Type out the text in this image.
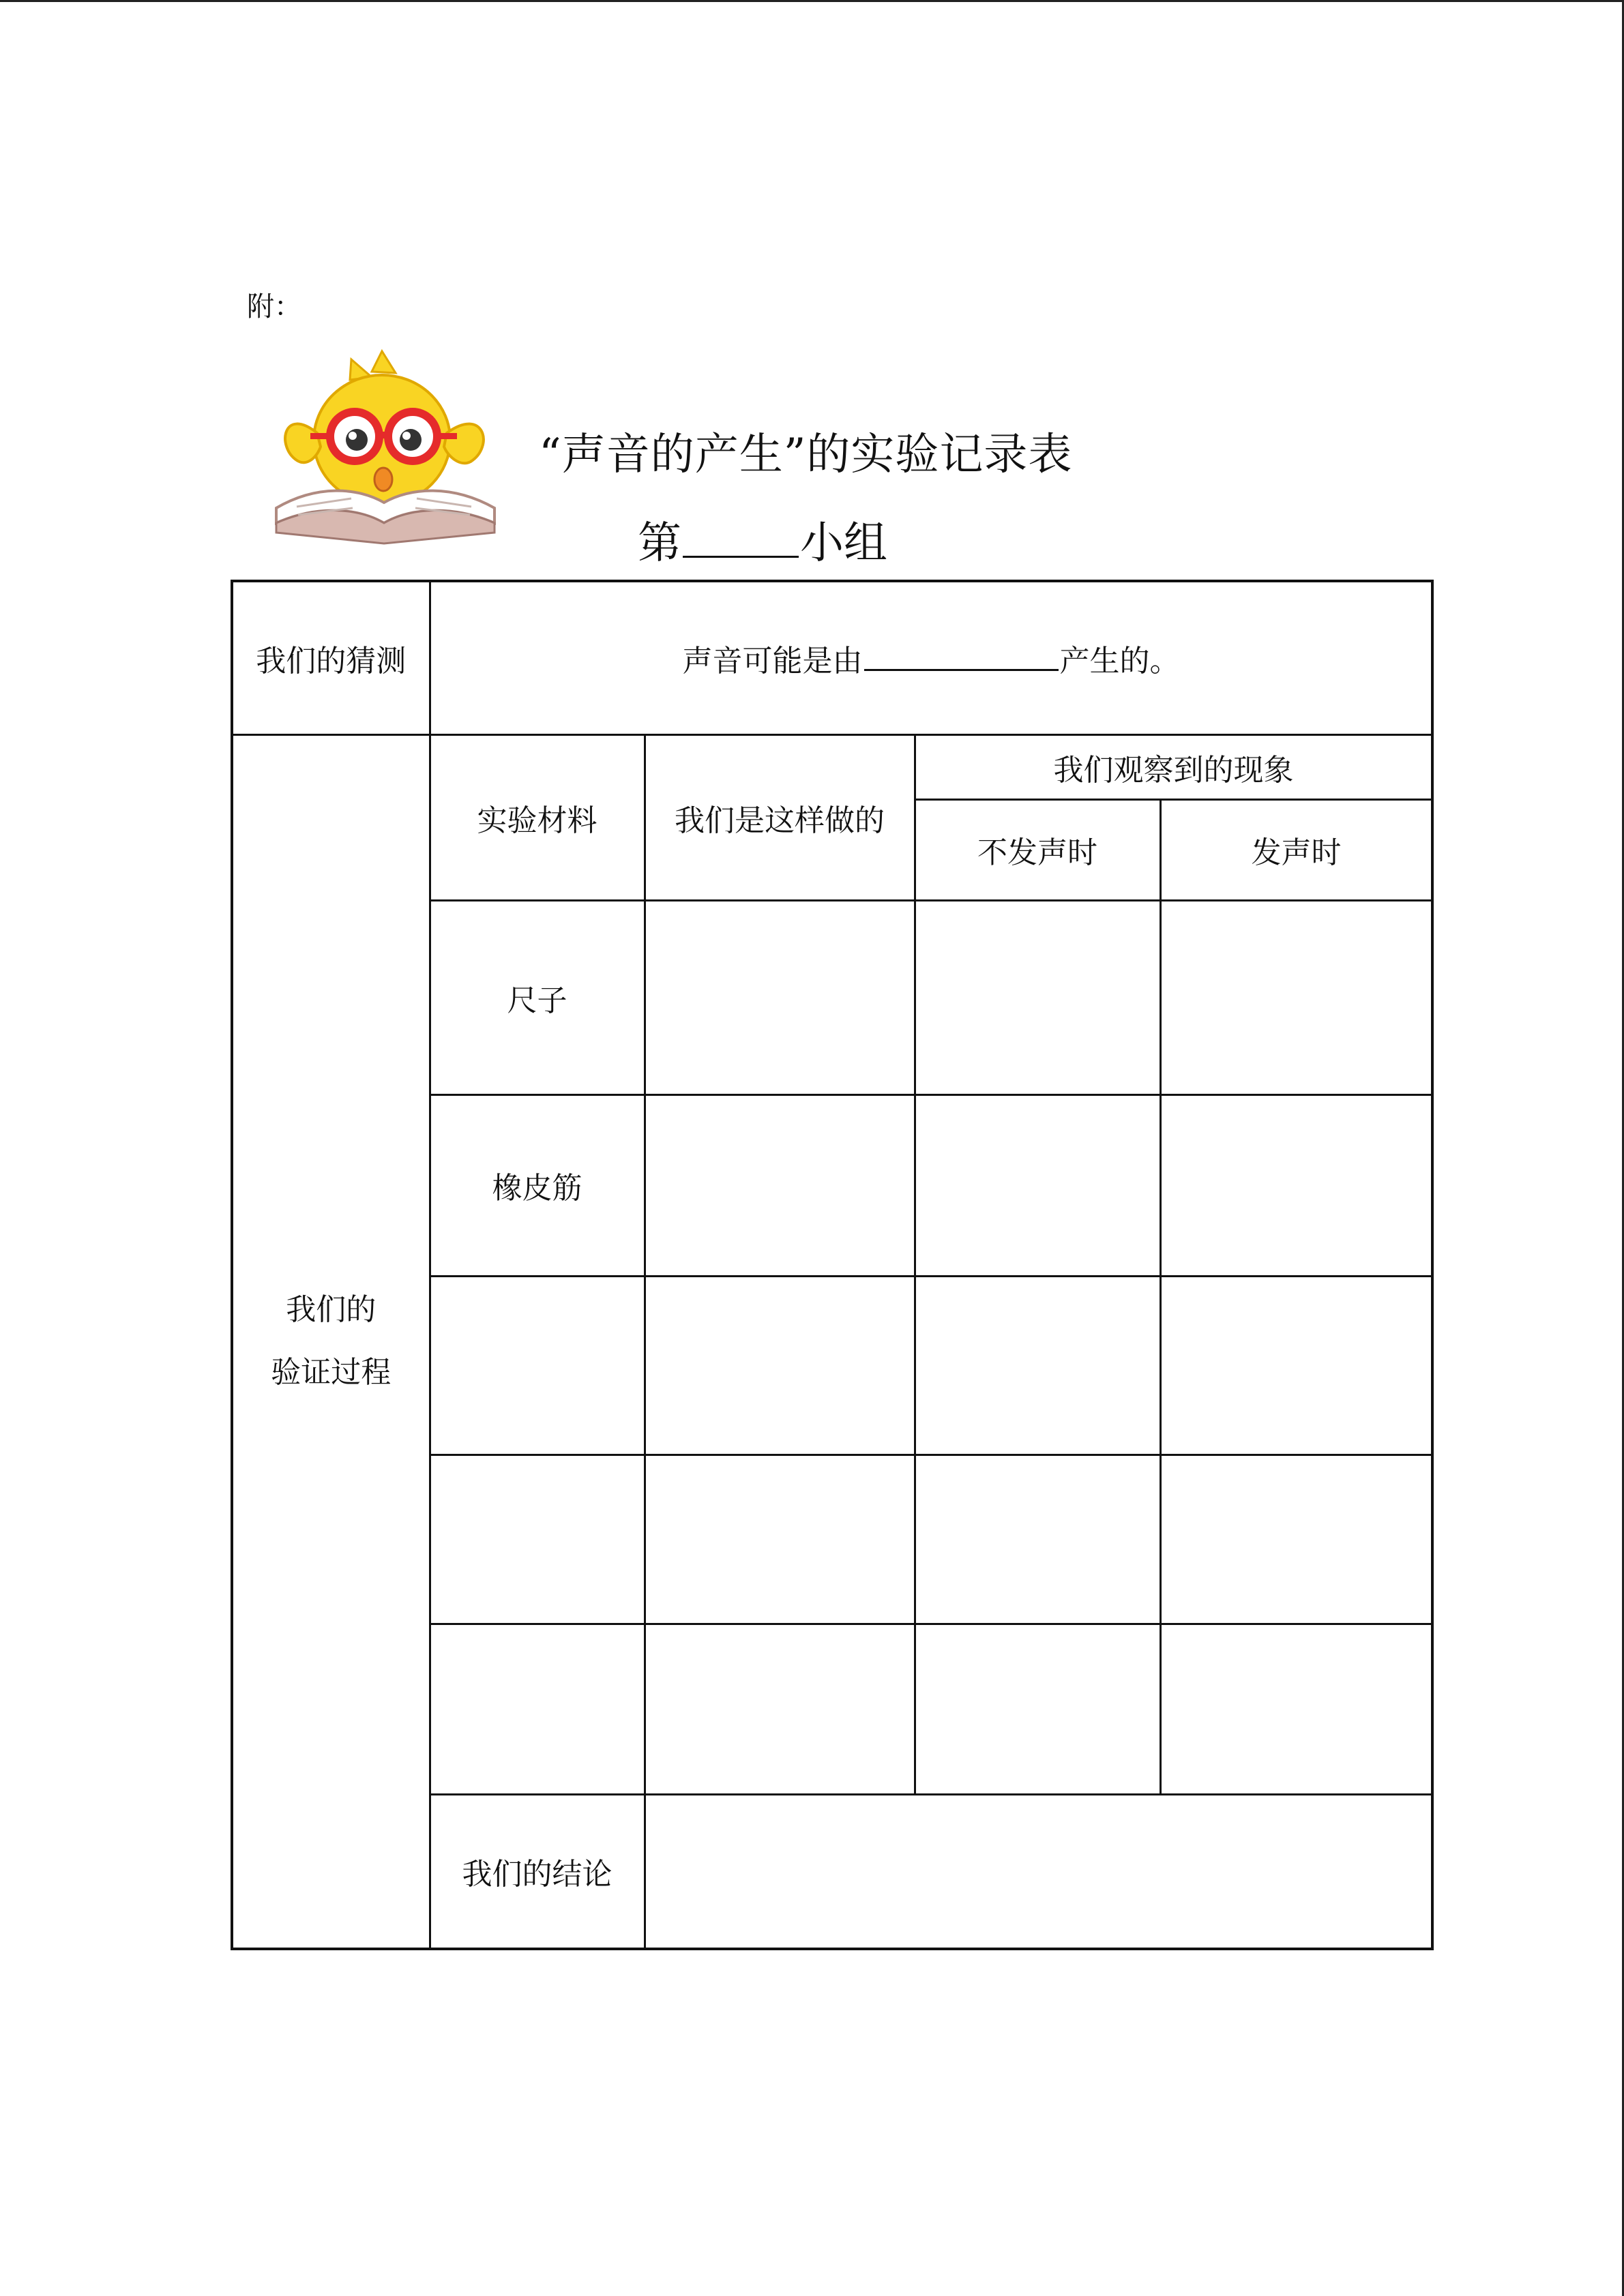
附：
“声音的产生”的实验记录表
第	小组
我们的猜测	声音可能是由 产生的。			
我们的
验证过程	实验材料	我们是这样做的	我们观察到的现象	
			不发声时	发声时
	尺子			
	橡皮筋			

	我们的结论			
